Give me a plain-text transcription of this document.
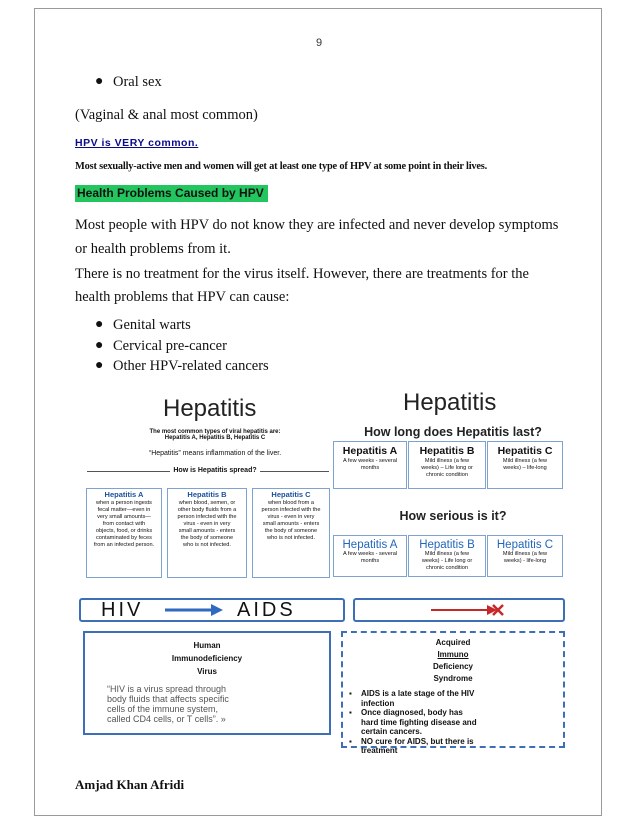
9
● Oral sex
(Vaginal & anal most common)
HPV is VERY common.
Most sexually-active men and women will get at least one type of HPV at some point in their lives.
Health Problems Caused by HPV
Most people with HPV do not know they are infected and never develop symptoms
or health problems from it.
There is no treatment for the virus itself. However, there are treatments for the
health problems that HPV can cause:
● Genital warts
● Cervical pre-cancer
● Other HPV-related cancers
Hepatitis
The most common types of viral hepatitis are:
Hepatitis A, Hepatitis B, Hepatitis C
“Hepatitis” means inflammation of the liver.
How is Hepatitis spread?
Hepatitis A
when a person ingests
fecal matter—even in
very small amounts—
from contact with
objects, food, or drinks
contaminated by feces
from an infected person.
Hepatitis B
when blood, semen, or
other body fluids from a
person infected with the
virus - even in very
small amounts - enters
the body of someone
who is not infected.
Hepatitis C
when blood from a
person infected with the
virus - even in very
small amounts - enters
the body of someone
who is not infected.
Hepatitis
How long does Hepatitis last?
Hepatitis A
A few weeks - several
months
Hepatitis B
Mild illness (a few
weeks) – Life long or
chronic condition
Hepatitis C
Mild illness (a few
weeks) – life-long
How serious is it?
Hepatitis A
A few weeks - several
months
Hepatitis B
Mild illness (a few
weeks) - Life long or
chronic condition
Hepatitis C
Mild illness (a few
weeks) - life-long
HIV	AIDS
Human
Immunodeficiency
Virus
“HIV is a virus spread through
body fluids that affects specific
cells of the immune system,
called CD4 cells, or T cells”. »
Acquired
Immuno
Deficiency
Syndrome
▪	AIDS is a late stage of the HIV
infection
▪	Once diagnosed, body has
hard time fighting disease and
certain cancers.
▪	NO cure for AIDS, but there is
treatment
Amjad Khan Afridi
